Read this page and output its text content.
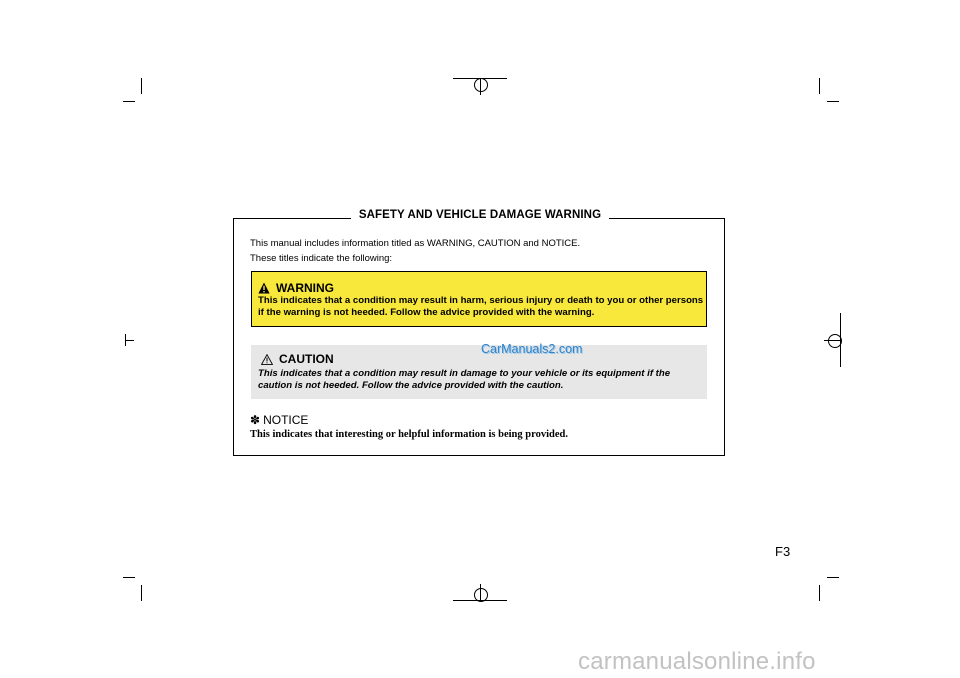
SAFETY AND VEHICLE DAMAGE WARNING
This manual includes information titled as WARNING, CAUTION and NOTICE.
These titles indicate the following:
WARNING
This indicates that a condition may result in harm, serious injury or death to you or other persons if the warning is not heeded. Follow the advice provided with the warning.
CAUTION
This indicates that a condition may result in damage to your vehicle or its equipment if the caution is not heeded. Follow the advice provided with the caution.
CarManuals2.com
✽ NOTICE
This indicates that interesting or helpful information is being provided.
F3
carmanualsonline.info
